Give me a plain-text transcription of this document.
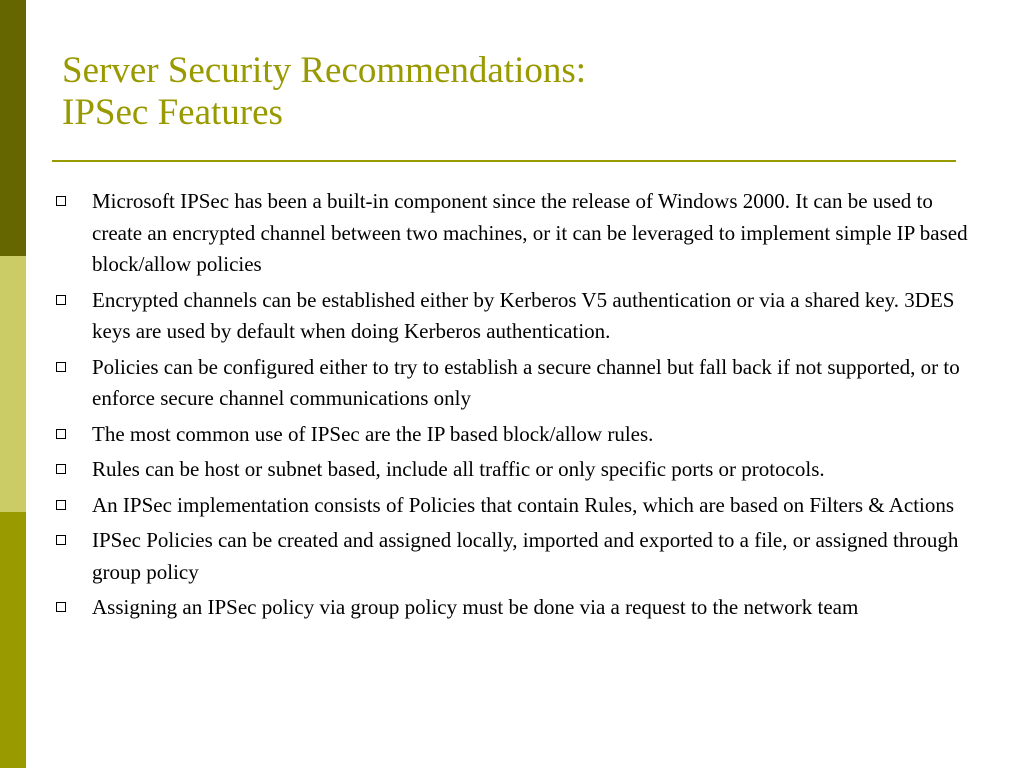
Server Security Recommendations:
IPSec Features
Microsoft IPSec has been a built-in component since the release of Windows 2000. It can be used to create an encrypted channel between two machines, or it can be leveraged to implement simple IP based block/allow policies
Encrypted channels can be established either by Kerberos V5 authentication or via a shared key. 3DES keys are used by default when doing Kerberos authentication.
Policies can be configured either to try to establish a secure channel but fall back if not supported, or to enforce secure channel communications only
The most common use of IPSec are the IP based block/allow rules.
Rules can be host or subnet based, include all traffic or only specific ports or protocols.
An IPSec implementation consists of Policies that contain Rules, which are based on Filters & Actions
IPSec Policies can be created and assigned locally, imported and exported to a file, or assigned through group policy
Assigning an IPSec policy via group policy must be done via a request to the network team
